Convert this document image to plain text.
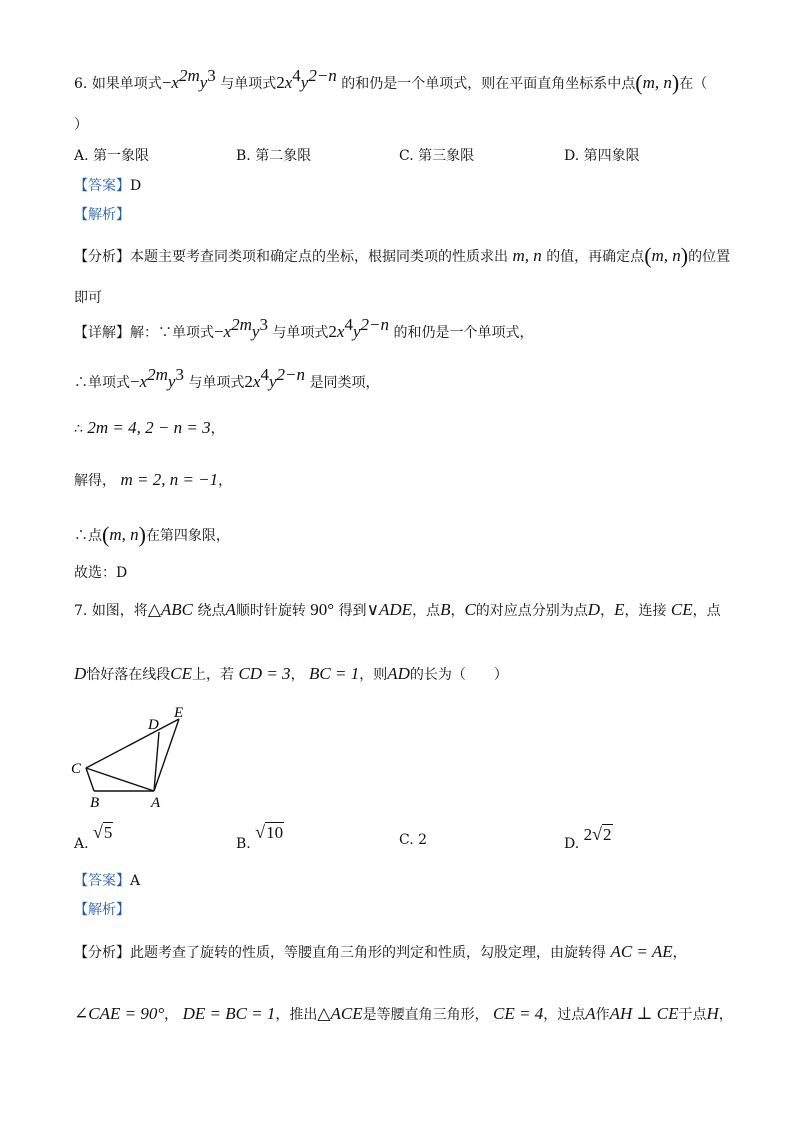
6. 如果单项式$-x^{2m}y^3$ 与单项式$2x^4y^{2-n}$ 的和仍是一个单项式，则在平面直角坐标系中点(m, n)在（
）
A. 第一象限	B. 第二象限	C. 第三象限	D. 第四象限
【答案】D
【解析】
【分析】本题主要考查同类项和确定点的坐标，根据同类项的性质求出 m, n 的值，再确定点(m, n)的位置
即可
【详解】解：∵单项式$-x^{2m}y^3$ 与单项式$2x^4y^{2-n}$ 的和仍是一个单项式，
∴单项式$-x^{2m}y^3$ 与单项式$2x^4y^{2-n}$ 是同类项，
∴ 2m = 4, 2 − n = 3，
解得， m = 2, n = −1，
∴点(m, n)在第四象限，
故选：D
7. 如图，将△ABC 绕点A顺时针旋转 90° 得到∨ADE，点B，C的对应点分别为点D，E，连接 CE，点
D恰好落在线段CE上，若 CD = 3， BC = 1，则AD的长为（　　）
C
B	A
D
E
A. √5
B. √10	C. 2	D. 2√2
【答案】A
【解析】
【分析】此题考查了旋转的性质，等腰直角三角形的判定和性质，勾股定理，由旋转得 AC = AE，
∠CAE = 90°， DE = BC = 1，推出△ACE是等腰直角三角形， CE = 4，过点A作AH ⊥ CE于点H，
